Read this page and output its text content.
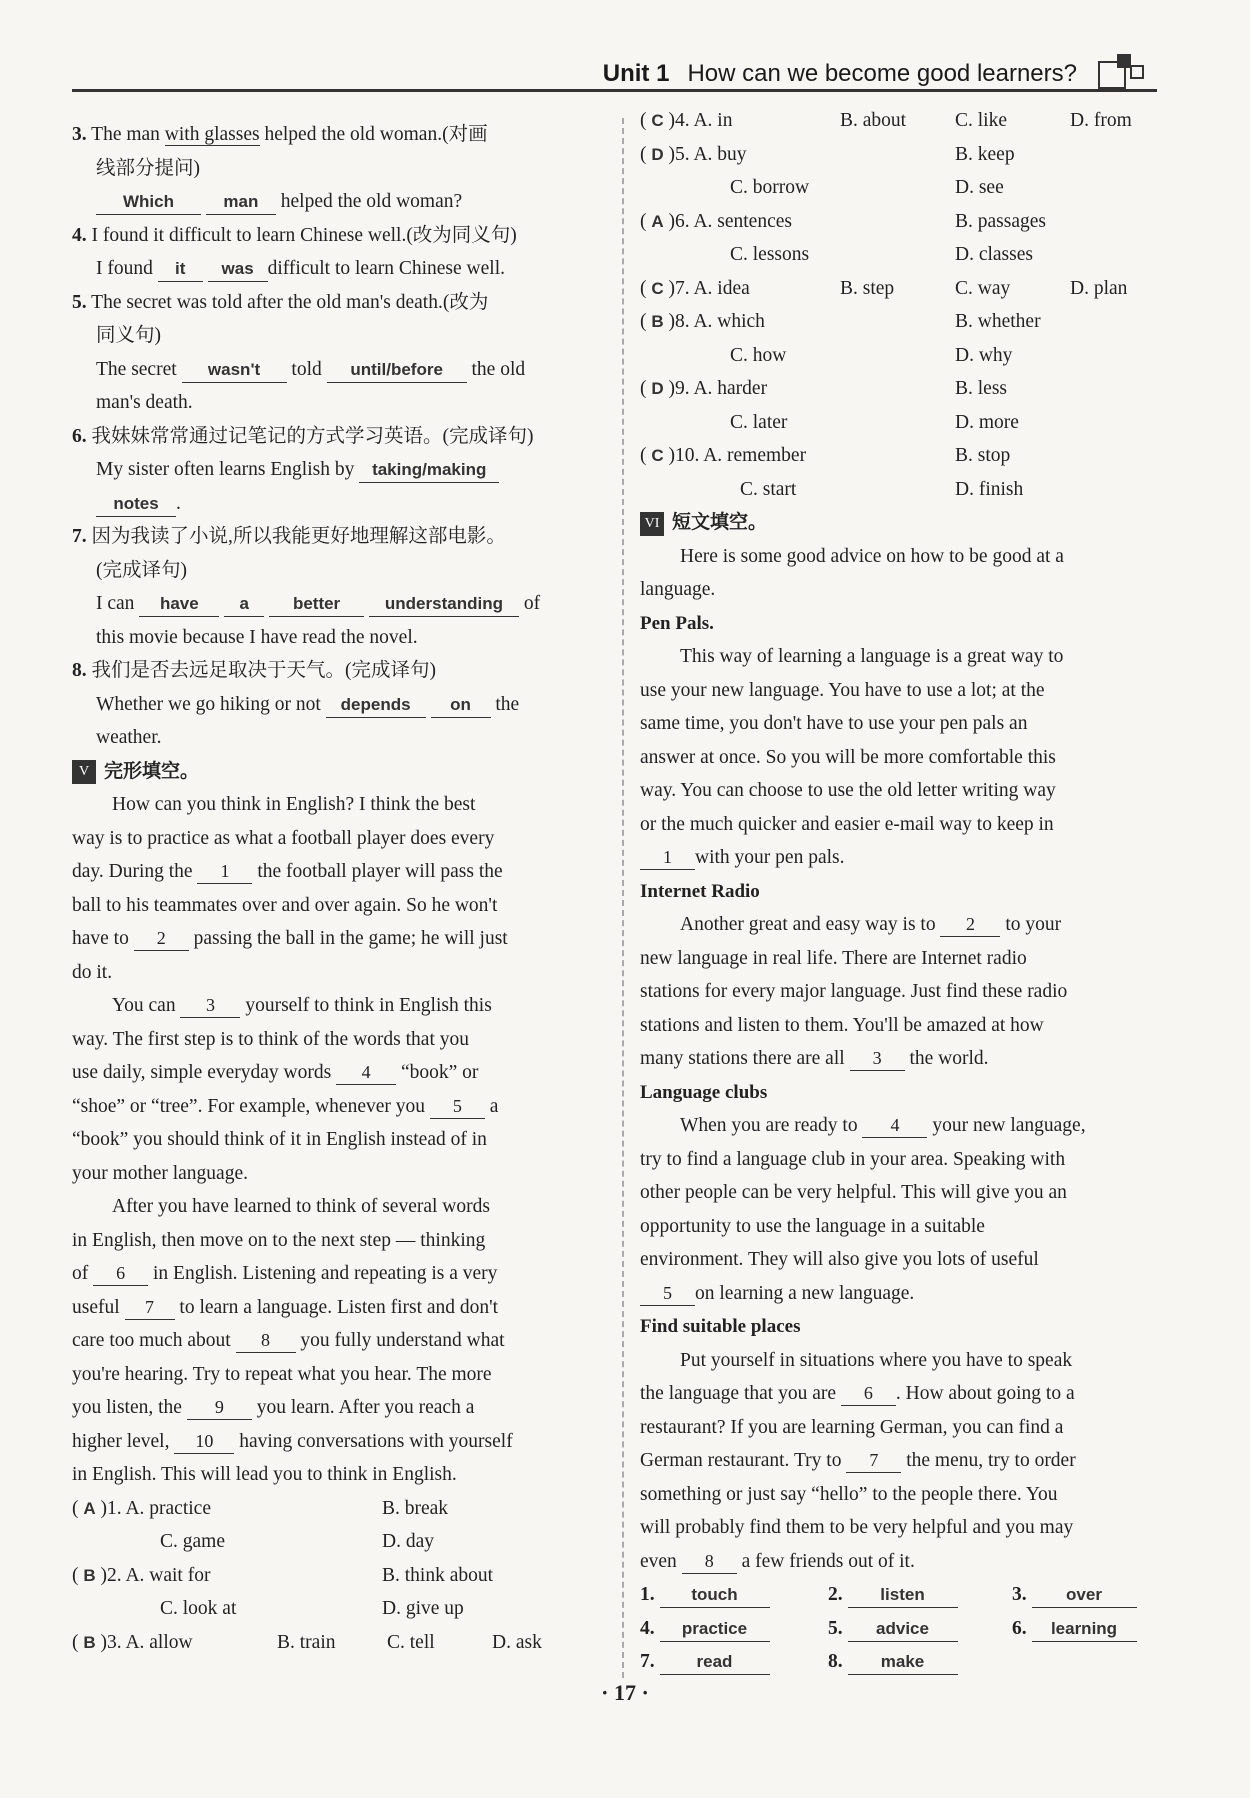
Unit 1 How can we become good learners?
3. The man with glasses helped the old woman.(对画
线部分提问)
Which	man helped the old woman?
4. I found it difficult to learn Chinese well.(改为同义句)
I found it was difficult to learn Chinese well.
5. The secret was told after the old man's death.(改为
同义句)
The secret wasn't told until/before the old
man's death.
6. 我妹妹常常通过记笔记的方式学习英语。(完成译句)
My sister often learns English by taking/making
notes .
7. 因为我读了小说,所以我能更好地理解这部电影。
(完成译句)
I can have a	better	understanding of
this movie because I have read the novel.
8. 我们是否去远足取决于天气。(完成译句)
Whether we go hiking or not depends on the
weather.
V 完形填空。
How can you think in English? I think the best
way is to practice as what a football player does every
day. During the 1 the football player will pass the
ball to his teammates over and over again. So he won't
have to 2 passing the ball in the game; he will just
do it.
You can 3 yourself to think in English this
way. The first step is to think of the words that you
use daily, simple everyday words 4 “book” or
“shoe” or “tree”. For example, whenever you 5 a
“book” you should think of it in English instead of in
your mother language.
After you have learned to think of several words
in English, then move on to the next step — thinking
of 6 in English. Listening and repeating is a very
useful 7 to learn a language. Listen first and don't
care too much about 8 you fully understand what
you're hearing. Try to repeat what you hear. The more
you listen, the 9 you learn. After you reach a
higher level, 10 having conversations with yourself
in English. This will lead you to think in English.
( A )1. A. practice	B. break
C. game	D. day
( B )2. A. wait for	B. think about
C. look at	D. give up
( B )3. A. allow	B. train	C. tell	D. ask
( C )4. A. in	B. about	C. like	D. from
( D )5. A. buy	B. keep
C. borrow	D. see
( A )6. A. sentences	B. passages
C. lessons	D. classes
( C )7. A. idea	B. step	C. way	D. plan
( B )8. A. which	B. whether
C. how	D. why
( D )9. A. harder	B. less
C. later	D. more
( C )10. A. remember	B. stop
C. start	D. finish
VI 短文填空。
Here is some good advice on how to be good at a
language.
Pen Pals.
This way of learning a language is a great way to
use your new language. You have to use a lot; at the
same time, you don't have to use your pen pals an
answer at once. So you will be more comfortable this
way. You can choose to use the old letter writing way
or the much quicker and easier e-mail way to keep in
1 with your pen pals.
Internet Radio
Another great and easy way is to 2 to your
new language in real life. There are Internet radio
stations for every major language. Just find these radio
stations and listen to them. You'll be amazed at how
many stations there are all 3 the world.
Language clubs
When you are ready to 4 your new language,
try to find a language club in your area. Speaking with
other people can be very helpful. This will give you an
opportunity to use the language in a suitable
environment. They will also give you lots of useful
5 on learning a new language.
Find suitable places
Put yourself in situations where you have to speak
the language that you are 6 . How about going to a
restaurant? If you are learning German, you can find a
German restaurant. Try to 7 the menu, try to order
something or just say “hello” to the people there. You
will probably find them to be very helpful and you may
even 8 a few friends out of it.
1. touch	2. listen	3. over
4. practice	5. advice	6. learning
7. read	8. make
· 17 ·
